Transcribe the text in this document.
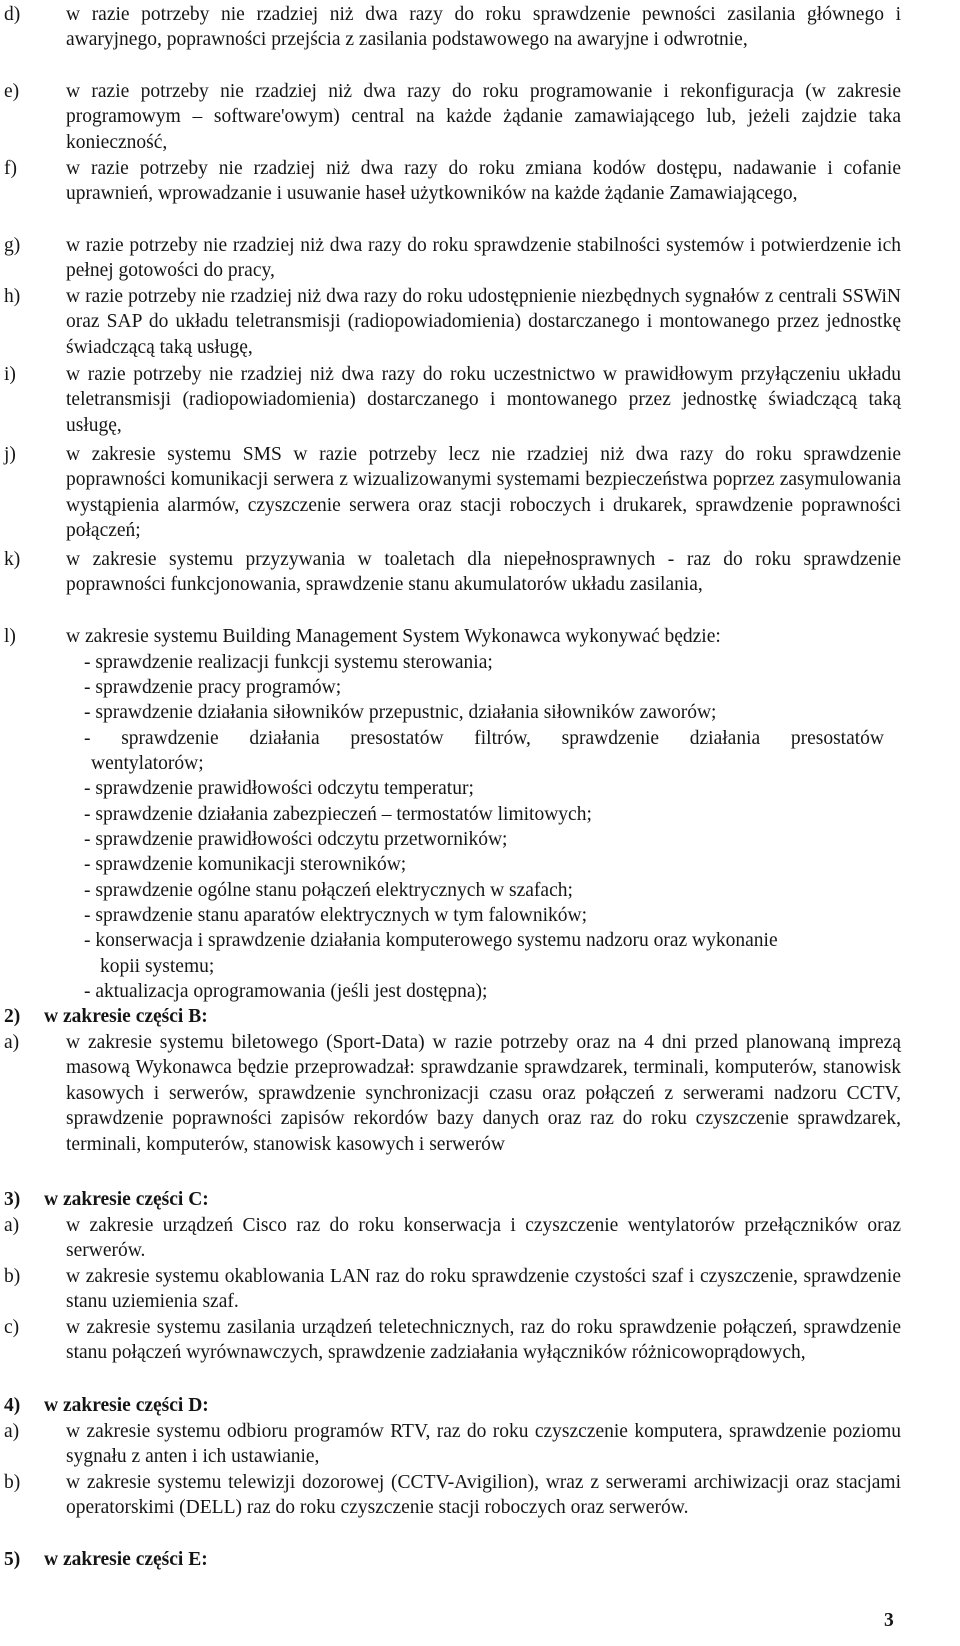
d)	w razie potrzeby nie rzadziej niż dwa razy do roku sprawdzenie pewności zasilania głównego i awaryjnego, poprawności przejścia z zasilania podstawowego na awaryjne i odwrotnie,
e)	w razie potrzeby nie rzadziej niż dwa razy do roku programowanie i rekonfiguracja (w zakresie programowym – software'owym) central na każde żądanie zamawiającego lub, jeżeli zajdzie taka konieczność,
f)	w razie potrzeby nie rzadziej niż dwa razy do roku zmiana kodów dostępu, nadawanie i cofanie uprawnień, wprowadzanie i usuwanie haseł użytkowników na każde żądanie Zamawiającego,
g)	w razie potrzeby nie rzadziej niż dwa razy do roku sprawdzenie stabilności systemów i potwierdzenie ich pełnej gotowości do pracy,
h)	w razie potrzeby nie rzadziej niż dwa razy do roku udostępnienie niezbędnych sygnałów z centrali SSWiN oraz SAP do układu teletransmisji (radiopowiadomienia) dostarczanego i montowanego przez jednostkę świadczącą taką usługę,
i)	w razie potrzeby nie rzadziej niż dwa razy do roku uczestnictwo w prawidłowym przyłączeniu układu teletransmisji (radiopowiadomienia) dostarczanego i montowanego przez jednostkę świadczącą taką usługę,
j)	w zakresie systemu SMS w razie potrzeby lecz nie rzadziej niż dwa razy do roku sprawdzenie poprawności komunikacji serwera z wizualizowanymi systemami bezpieczeństwa poprzez zasymulowania wystąpienia alarmów, czyszczenie serwera oraz stacji roboczych i drukarek, sprawdzenie poprawności połączeń;
k)	w zakresie systemu przyzywania w toaletach dla niepełnosprawnych - raz do roku sprawdzenie poprawności funkcjonowania, sprawdzenie stanu akumulatorów układu zasilania,
l)	w zakresie systemu Building Management System Wykonawca wykonywać będzie:
- sprawdzenie realizacji funkcji systemu sterowania;
- sprawdzenie pracy programów;
- sprawdzenie działania siłowników przepustnic, działania siłowników zaworów;
- sprawdzenie działania presostatów filtrów, sprawdzenie działania presostatów
wentylatorów;
- sprawdzenie prawidłowości odczytu temperatur;
- sprawdzenie działania zabezpieczeń – termostatów limitowych;
- sprawdzenie prawidłowości odczytu przetworników;
- sprawdzenie komunikacji sterowników;
- sprawdzenie ogólne stanu połączeń elektrycznych w szafach;
- sprawdzenie stanu aparatów elektrycznych w tym falowników;
- konserwacja i sprawdzenie działania komputerowego systemu nadzoru oraz wykonanie
kopii systemu;
- aktualizacja oprogramowania (jeśli jest dostępna);
2)	w zakresie części B:
a)	w zakresie systemu biletowego (Sport-Data) w razie potrzeby oraz na 4 dni przed planowaną imprezą masową Wykonawca będzie przeprowadzał: sprawdzanie sprawdzarek, terminali, komputerów, stanowisk kasowych i serwerów, sprawdzenie synchronizacji czasu oraz połączeń z serwerami nadzoru CCTV, sprawdzenie poprawności zapisów rekordów bazy danych oraz raz do roku czyszczenie sprawdzarek, terminali, komputerów, stanowisk kasowych i serwerów
3)	w zakresie części C:
a)	w zakresie urządzeń Cisco raz do roku konserwacja i czyszczenie wentylatorów przełączników oraz serwerów.
b)	w zakresie systemu okablowania LAN raz do roku sprawdzenie czystości szaf i czyszczenie, sprawdzenie stanu uziemienia szaf.
c)	w zakresie systemu zasilania urządzeń teletechnicznych, raz do roku sprawdzenie połączeń, sprawdzenie stanu połączeń wyrównawczych, sprawdzenie zadziałania wyłączników różnicowoprądowych,
4)	w zakresie części D:
a)	w zakresie systemu odbioru programów RTV, raz do roku czyszczenie komputera, sprawdzenie poziomu sygnału z anten i ich ustawianie,
b)	w zakresie systemu telewizji dozorowej (CCTV-Avigilion), wraz z serwerami archiwizacji oraz stacjami operatorskimi (DELL) raz do roku czyszczenie stacji roboczych oraz serwerów.
5)	w zakresie części E:
3
